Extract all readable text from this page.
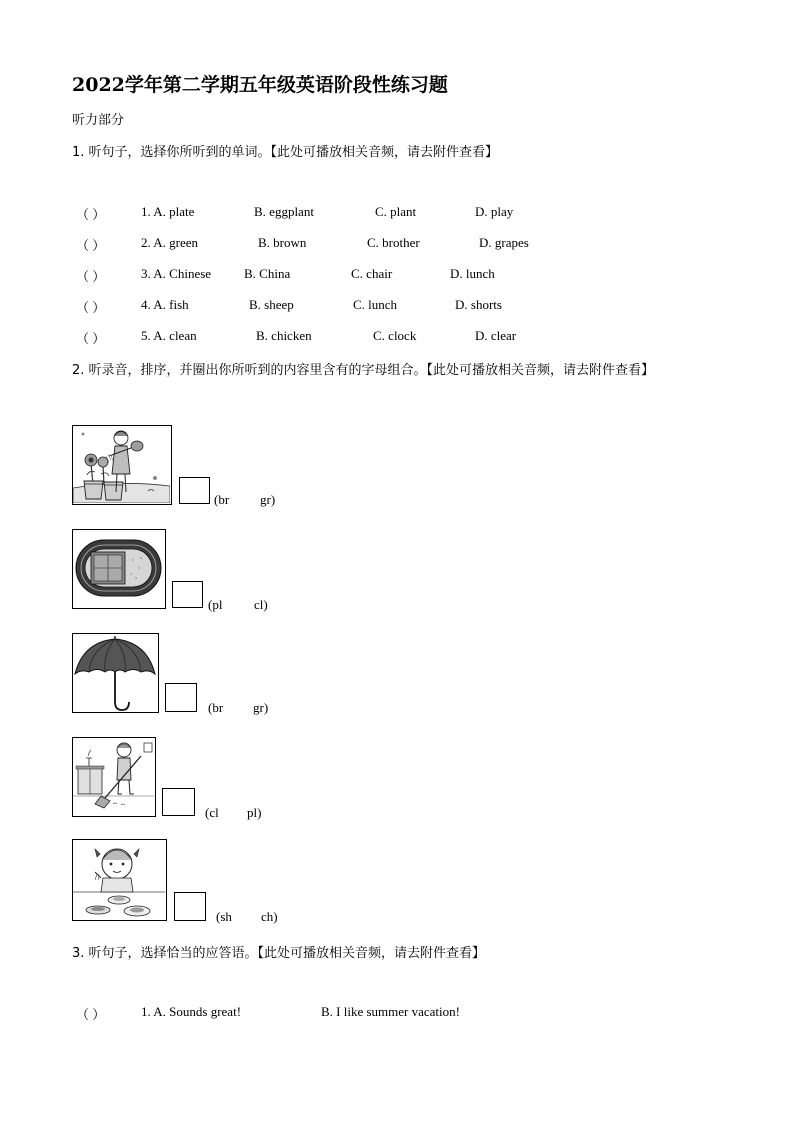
2022学年第二学期五年级英语阶段性练习题
听力部分
1. 听句子，选择你所听到的单词。【此处可播放相关音频，请去附件查看】
（ ）	1. A. plate	B. eggplant	C. plant	D. play
（ ）	2. A. green	B. brown	C. brother	D. grapes
（ ）	3. A. Chinese	B. China	C. chair	D. lunch
（ ）	4. A. fish	B. sheep	C. lunch	D. shorts
（ ）	5. A. clean	B. chicken	C. clock	D. clear
2. 听录音，排序，并圈出你所听到的内容里含有的字母组合。【此处可播放相关音频，请去附件查看】
(br gr)
(pl cl)
(br gr)
(cl pl)
(sh ch)
3. 听句子，选择恰当的应答语。【此处可播放相关音频，请去附件查看】
（ ）	1. A. Sounds great!	B. I like summer vacation!
